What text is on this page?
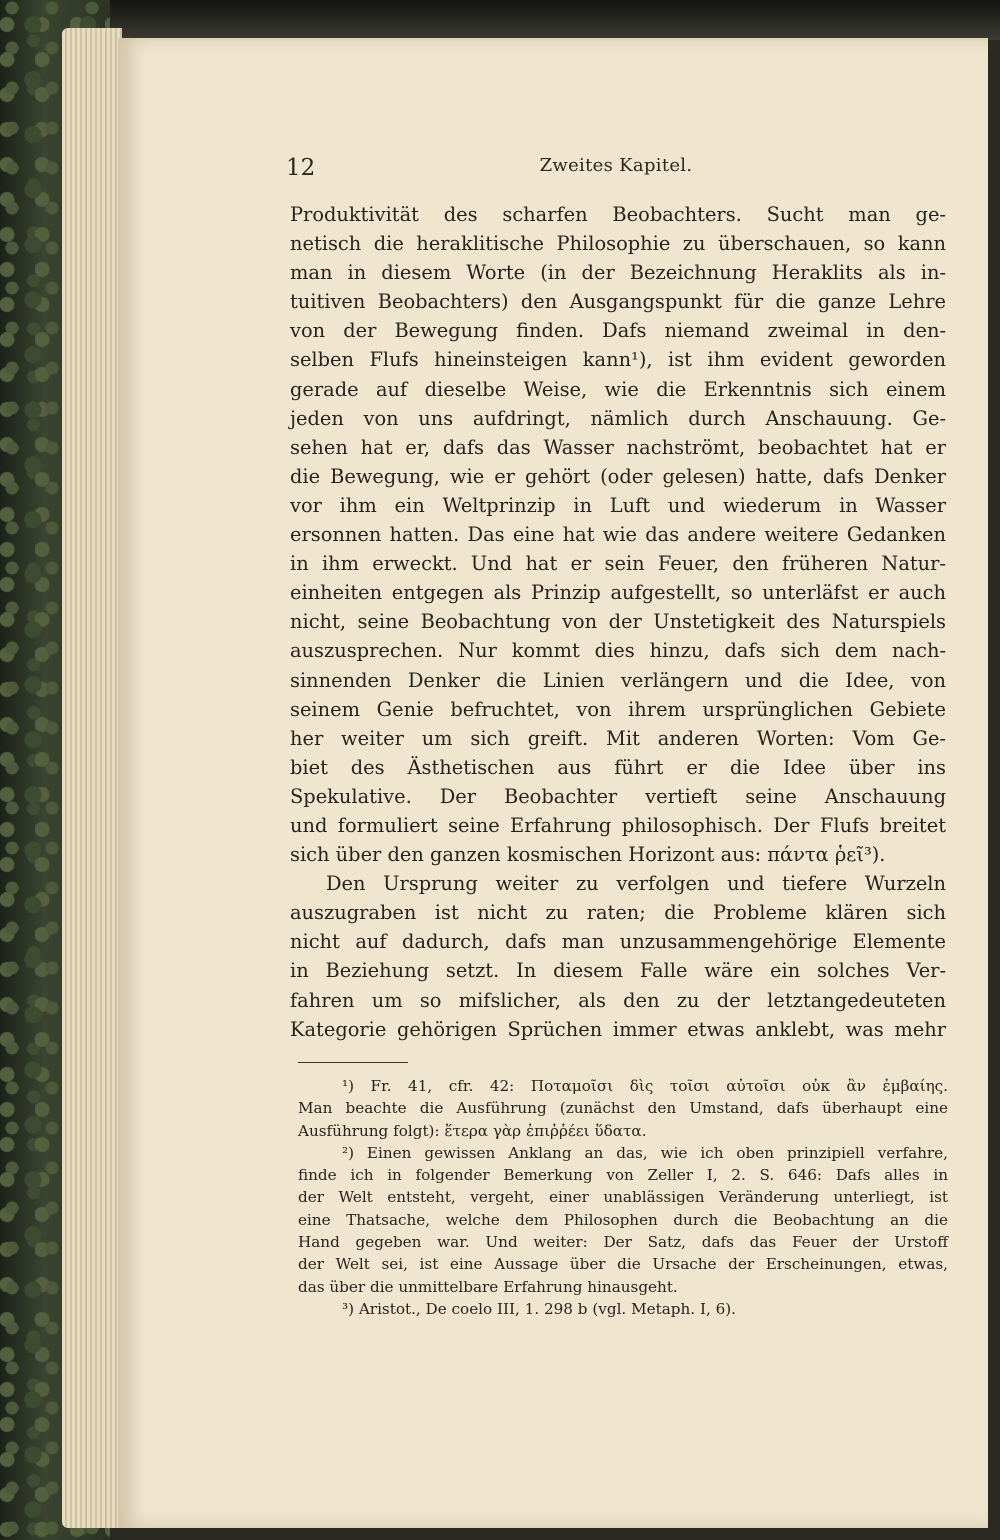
12	Zweites Kapitel.
Produktivität des scharfen Beobachters. Sucht man ge-
netisch die heraklitische Philosophie zu überschauen, so kann
man in diesem Worte (in der Bezeichnung Heraklits als in-
tuitiven Beobachters) den Ausgangspunkt für die ganze Lehre
von der Bewegung finden. Dafs niemand zweimal in den-
selben Flufs hineinsteigen kann¹), ist ihm evident geworden
gerade auf dieselbe Weise, wie die Erkenntnis sich einem
jeden von uns aufdringt, nämlich durch Anschauung. Ge-
sehen hat er, dafs das Wasser nachströmt, beobachtet hat er
die Bewegung, wie er gehört (oder gelesen) hatte, dafs Denker
vor ihm ein Weltprinzip in Luft und wiederum in Wasser
ersonnen hatten. Das eine hat wie das andere weitere Gedanken
in ihm erweckt. Und hat er sein Feuer, den früheren Natur-
einheiten entgegen als Prinzip aufgestellt, so unterläfst er auch
nicht, seine Beobachtung von der Unstetigkeit des Naturspiels
auszusprechen. Nur kommt dies hinzu, dafs sich dem nach-
sinnenden Denker die Linien verlängern und die Idee, von
seinem Genie befruchtet, von ihrem ursprünglichen Gebiete
her weiter um sich greift. Mit anderen Worten: Vom Ge-
biet des Ästhetischen aus führt er die Idee über ins
Spekulative. Der Beobachter vertieft seine Anschauung
und formuliert seine Erfahrung philosophisch. Der Flufs breitet
sich über den ganzen kosmischen Horizont aus: πάντα ῥεῖ³).
Den Ursprung weiter zu verfolgen und tiefere Wurzeln
auszugraben ist nicht zu raten; die Probleme klären sich
nicht auf dadurch, dafs man unzusammengehörige Elemente
in Beziehung setzt. In diesem Falle wäre ein solches Ver-
fahren um so mifslicher, als den zu der letztangedeuteten
Kategorie gehörigen Sprüchen immer etwas anklebt, was mehr
¹) Fr. 41, cfr. 42: Ποταμοῖσι δὶς τοῖσι αὐτοῖσι οὐκ ἂν ἐμβαίης.
Man beachte die Ausführung (zunächst den Umstand, dafs überhaupt eine
Ausführung folgt): ἕτερα γὰρ ἐπιῤῥέει ὕδατα.
²) Einen gewissen Anklang an das, wie ich oben prinzipiell verfahre,
finde ich in folgender Bemerkung von Zeller I, 2. S. 646: Dafs alles in
der Welt entsteht, vergeht, einer unablässigen Veränderung unterliegt, ist
eine Thatsache, welche dem Philosophen durch die Beobachtung an die
Hand gegeben war. Und weiter: Der Satz, dafs das Feuer der Urstoff
der Welt sei, ist eine Aussage über die Ursache der Erscheinungen, etwas,
das über die unmittelbare Erfahrung hinausgeht.
³) Aristot., De coelo III, 1. 298 b (vgl. Metaph. I, 6).
